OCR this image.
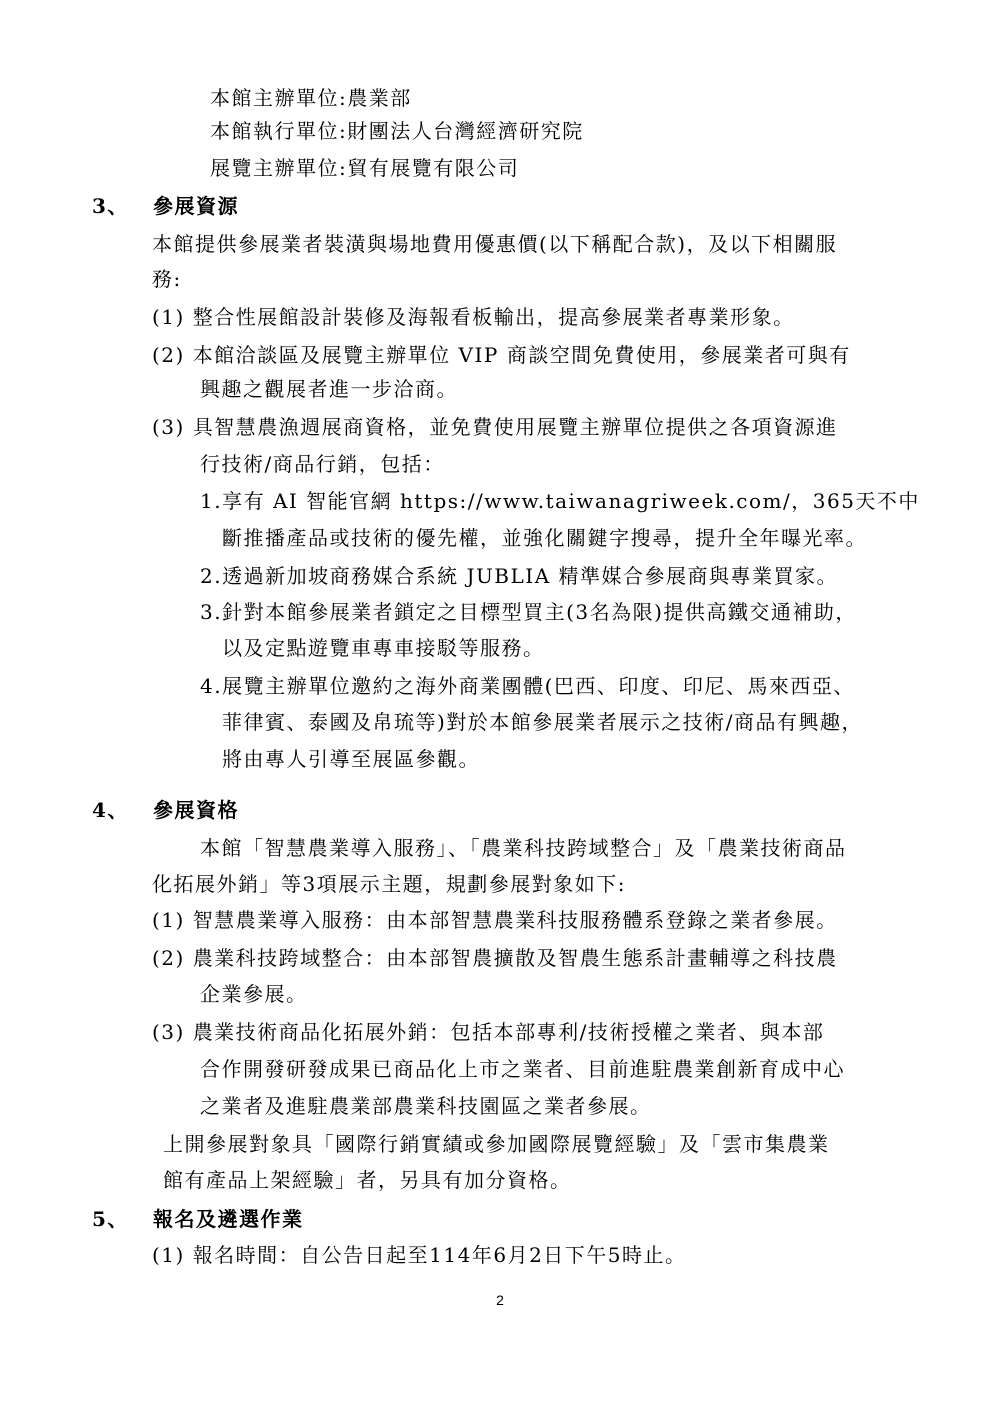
本館主辦單位:農業部
本館執行單位:財團法人台灣經濟研究院
展覽主辦單位:貿有展覽有限公司
3、 參展資源
本館提供參展業者裝潢與場地費用優惠價(以下稱配合款)，及以下相關服
務:
(1) 整合性展館設計裝修及海報看板輸出，提高參展業者專業形象。
(2) 本館洽談區及展覽主辦單位 VIP 商談空間免費使用，參展業者可與有
興趣之觀展者進一步洽商。
(3) 具智慧農漁週展商資格，並免費使用展覽主辦單位提供之各項資源進
行技術/商品行銷，包括：
1.享有 AI 智能官網 https://www.taiwanagriweek.com/，365天不中
斷推播產品或技術的優先權，並強化關鍵字搜尋，提升全年曝光率。
2.透過新加坡商務媒合系統 JUBLIA 精準媒合參展商與專業買家。
3.針對本館參展業者鎖定之目標型買主(3名為限)提供高鐵交通補助，
以及定點遊覽車專車接駁等服務。
4.展覽主辦單位邀約之海外商業團體(巴西、印度、印尼、馬來西亞、
菲律賓、泰國及帛琉等)對於本館參展業者展示之技術/商品有興趣，
將由專人引導至展區參觀。
4、 參展資格
本館「智慧農業導入服務」、「農業科技跨域整合」及「農業技術商品
化拓展外銷」等3項展示主題，規劃參展對象如下:
(1) 智慧農業導入服務：由本部智慧農業科技服務體系登錄之業者參展。
(2) 農業科技跨域整合：由本部智農擴散及智農生態系計畫輔導之科技農
企業參展。
(3) 農業技術商品化拓展外銷：包括本部專利/技術授權之業者、與本部
合作開發研發成果已商品化上市之業者、目前進駐農業創新育成中心
之業者及進駐農業部農業科技園區之業者參展。
上開參展對象具「國際行銷實績或參加國際展覽經驗」及「雲市集農業
館有產品上架經驗」者，另具有加分資格。
5、 報名及遴選作業
(1) 報名時間：自公告日起至114年6月2日下午5時止。
2
